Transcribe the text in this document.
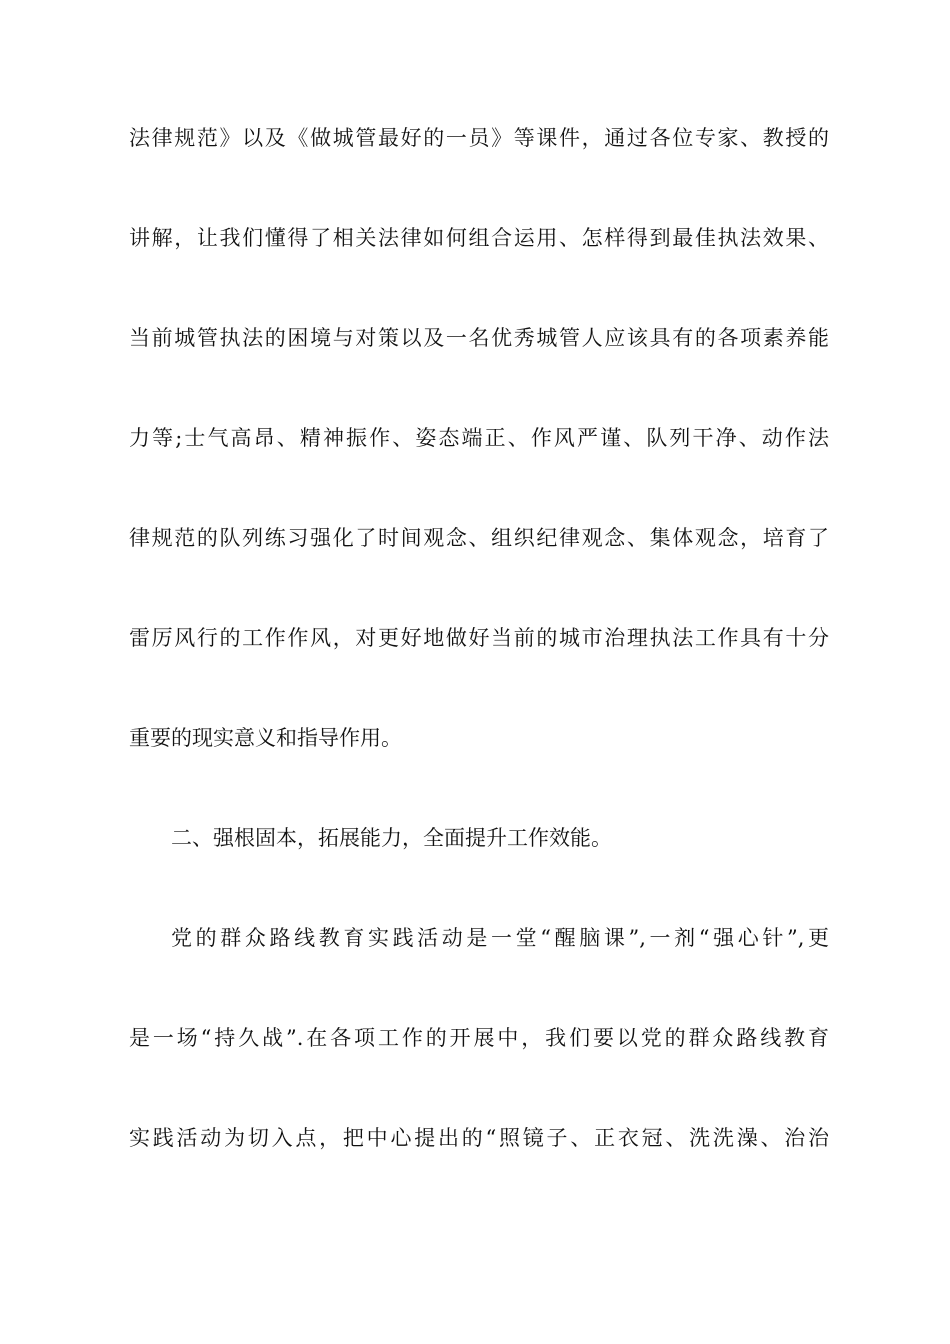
法律规范》以及《做城管最好的一员》等课件，通过各位专家、教授的
讲解，让我们懂得了相关法律如何组合运用、怎样得到最佳执法效果、
当前城管执法的困境与对策以及一名优秀城管人应该具有的各项素养能
力等;士气高昂、精神振作、姿态端正、作风严谨、队列干净、动作法
律规范的队列练习强化了时间观念、组织纪律观念、集体观念，培育了
雷厉风行的工作作风，对更好地做好当前的城市治理执法工作具有十分
重要的现实意义和指导作用。
二、强根固本，拓展能力，全面提升工作效能。
党的群众路线教育实践活动是一堂“醒脑课”,一剂“强心针”,更
是一场“持久战”.在各项工作的开展中，我们要以党的群众路线教育
实践活动为切入点，把中心提出的“照镜子、正衣冠、洗洗澡、治治
